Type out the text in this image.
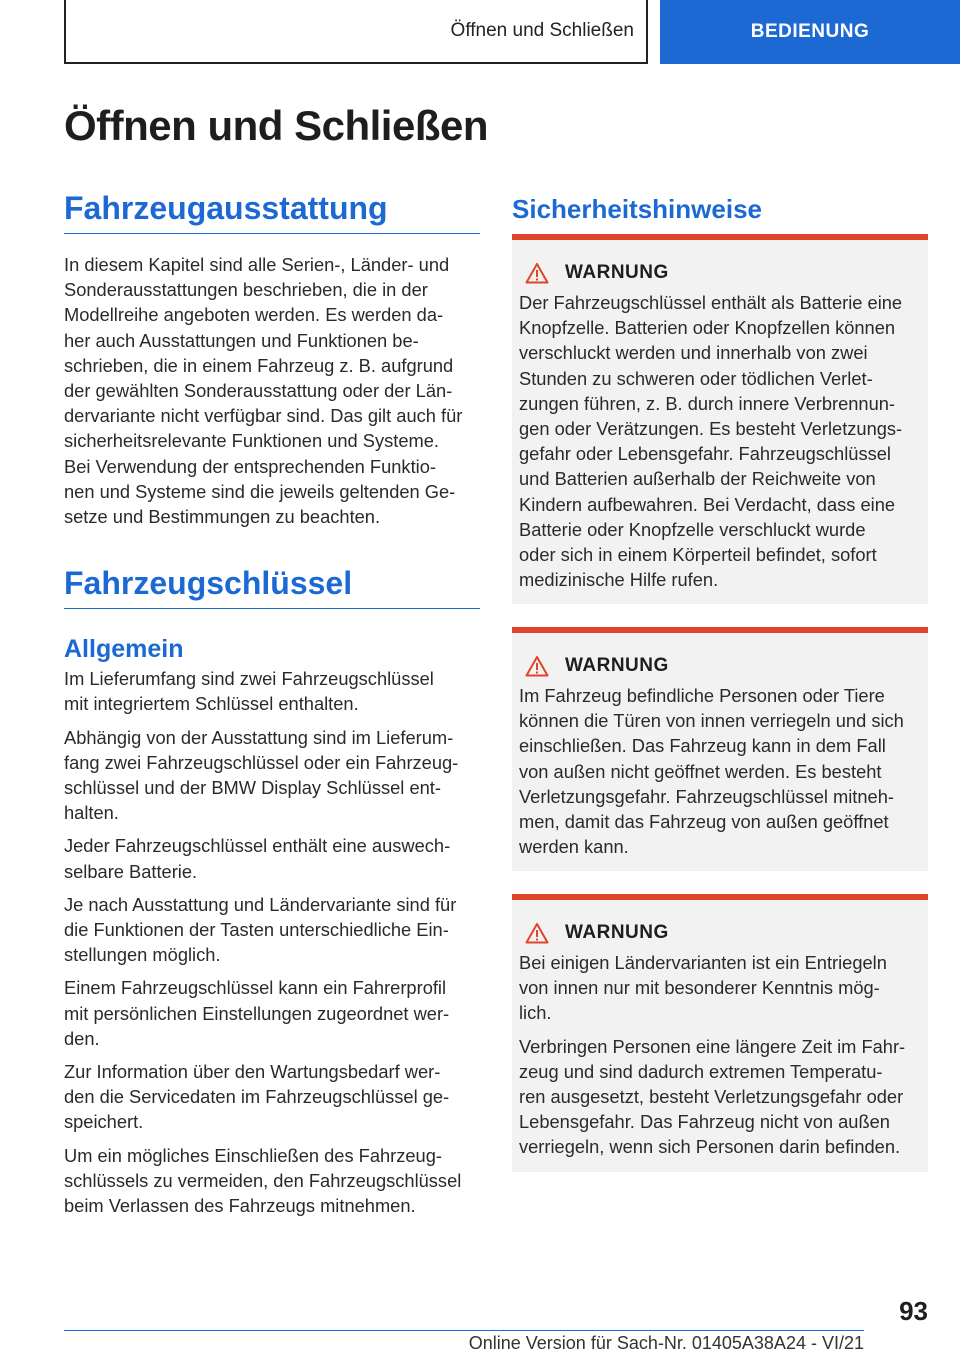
Öffnen und Schließen	BEDIENUNG
Öffnen und Schließen
Fahrzeugausstattung

In diesem Kapitel sind alle Serien-, Länder- und
Sonderausstattungen beschrieben, die in der
Modellreihe angeboten werden. Es werden da-
her auch Ausstattungen und Funktionen be-
schrieben, die in einem Fahrzeug z. B. aufgrund
der gewählten Sonderausstattung oder der Län-
dervariante nicht verfügbar sind. Das gilt auch für
sicherheitsrelevante Funktionen und Systeme.
Bei Verwendung der entsprechenden Funktio-
nen und Systeme sind die jeweils geltenden Ge-
setze und Bestimmungen zu beachten.

Fahrzeugschlüssel
Allgemein

Im Lieferumfang sind zwei Fahrzeugschlüssel
mit integriertem Schlüssel enthalten.

Abhängig von der Ausstattung sind im Lieferum-
fang zwei Fahrzeugschlüssel oder ein Fahrzeug-
schlüssel und der BMW Display Schlüssel ent-
halten.

Jeder Fahrzeugschlüssel enthält eine auswech-
selbare Batterie.

Je nach Ausstattung und Ländervariante sind für
die Funktionen der Tasten unterschiedliche Ein-
stellungen möglich.

Einem Fahrzeugschlüssel kann ein Fahrerprofil
mit persönlichen Einstellungen zugeordnet wer-
den.

Zur Information über den Wartungsbedarf wer-
den die Servicedaten im Fahrzeugschlüssel ge-
speichert.

Um ein mögliches Einschließen des Fahrzeug-
schlüssels zu vermeiden, den Fahrzeugschlüssel
beim Verlassen des Fahrzeugs mitnehmen.

Sicherheitshinweise
WARNUNG

Der Fahrzeugschlüssel enthält als Batterie eine
Knopfzelle. Batterien oder Knopfzellen können
verschluckt werden und innerhalb von zwei
Stunden zu schweren oder tödlichen Verlet-
zungen führen, z. B. durch innere Verbrennun-
gen oder Verätzungen. Es besteht Verletzungs-
gefahr oder Lebensgefahr. Fahrzeugschlüssel
und Batterien außerhalb der Reichweite von
Kindern aufbewahren. Bei Verdacht, dass eine
Batterie oder Knopfzelle verschluckt wurde
oder sich in einem Körperteil befindet, sofort
medizinische Hilfe rufen.

WARNUNG

Im Fahrzeug befindliche Personen oder Tiere
können die Türen von innen verriegeln und sich
einschließen. Das Fahrzeug kann in dem Fall
von außen nicht geöffnet werden. Es besteht
Verletzungsgefahr. Fahrzeugschlüssel mitneh-
men, damit das Fahrzeug von außen geöffnet
werden kann.

WARNUNG

Bei einigen Ländervarianten ist ein Entriegeln
von innen nur mit besonderer Kenntnis mög-
lich.

Verbringen Personen eine längere Zeit im Fahr-
zeug und sind dadurch extremen Temperatu-
ren ausgesetzt, besteht Verletzungsgefahr oder
Lebensgefahr. Das Fahrzeug nicht von außen
verriegeln, wenn sich Personen darin befinden.

93
Online Version für Sach-Nr. 01405A38A24 - VI/21
